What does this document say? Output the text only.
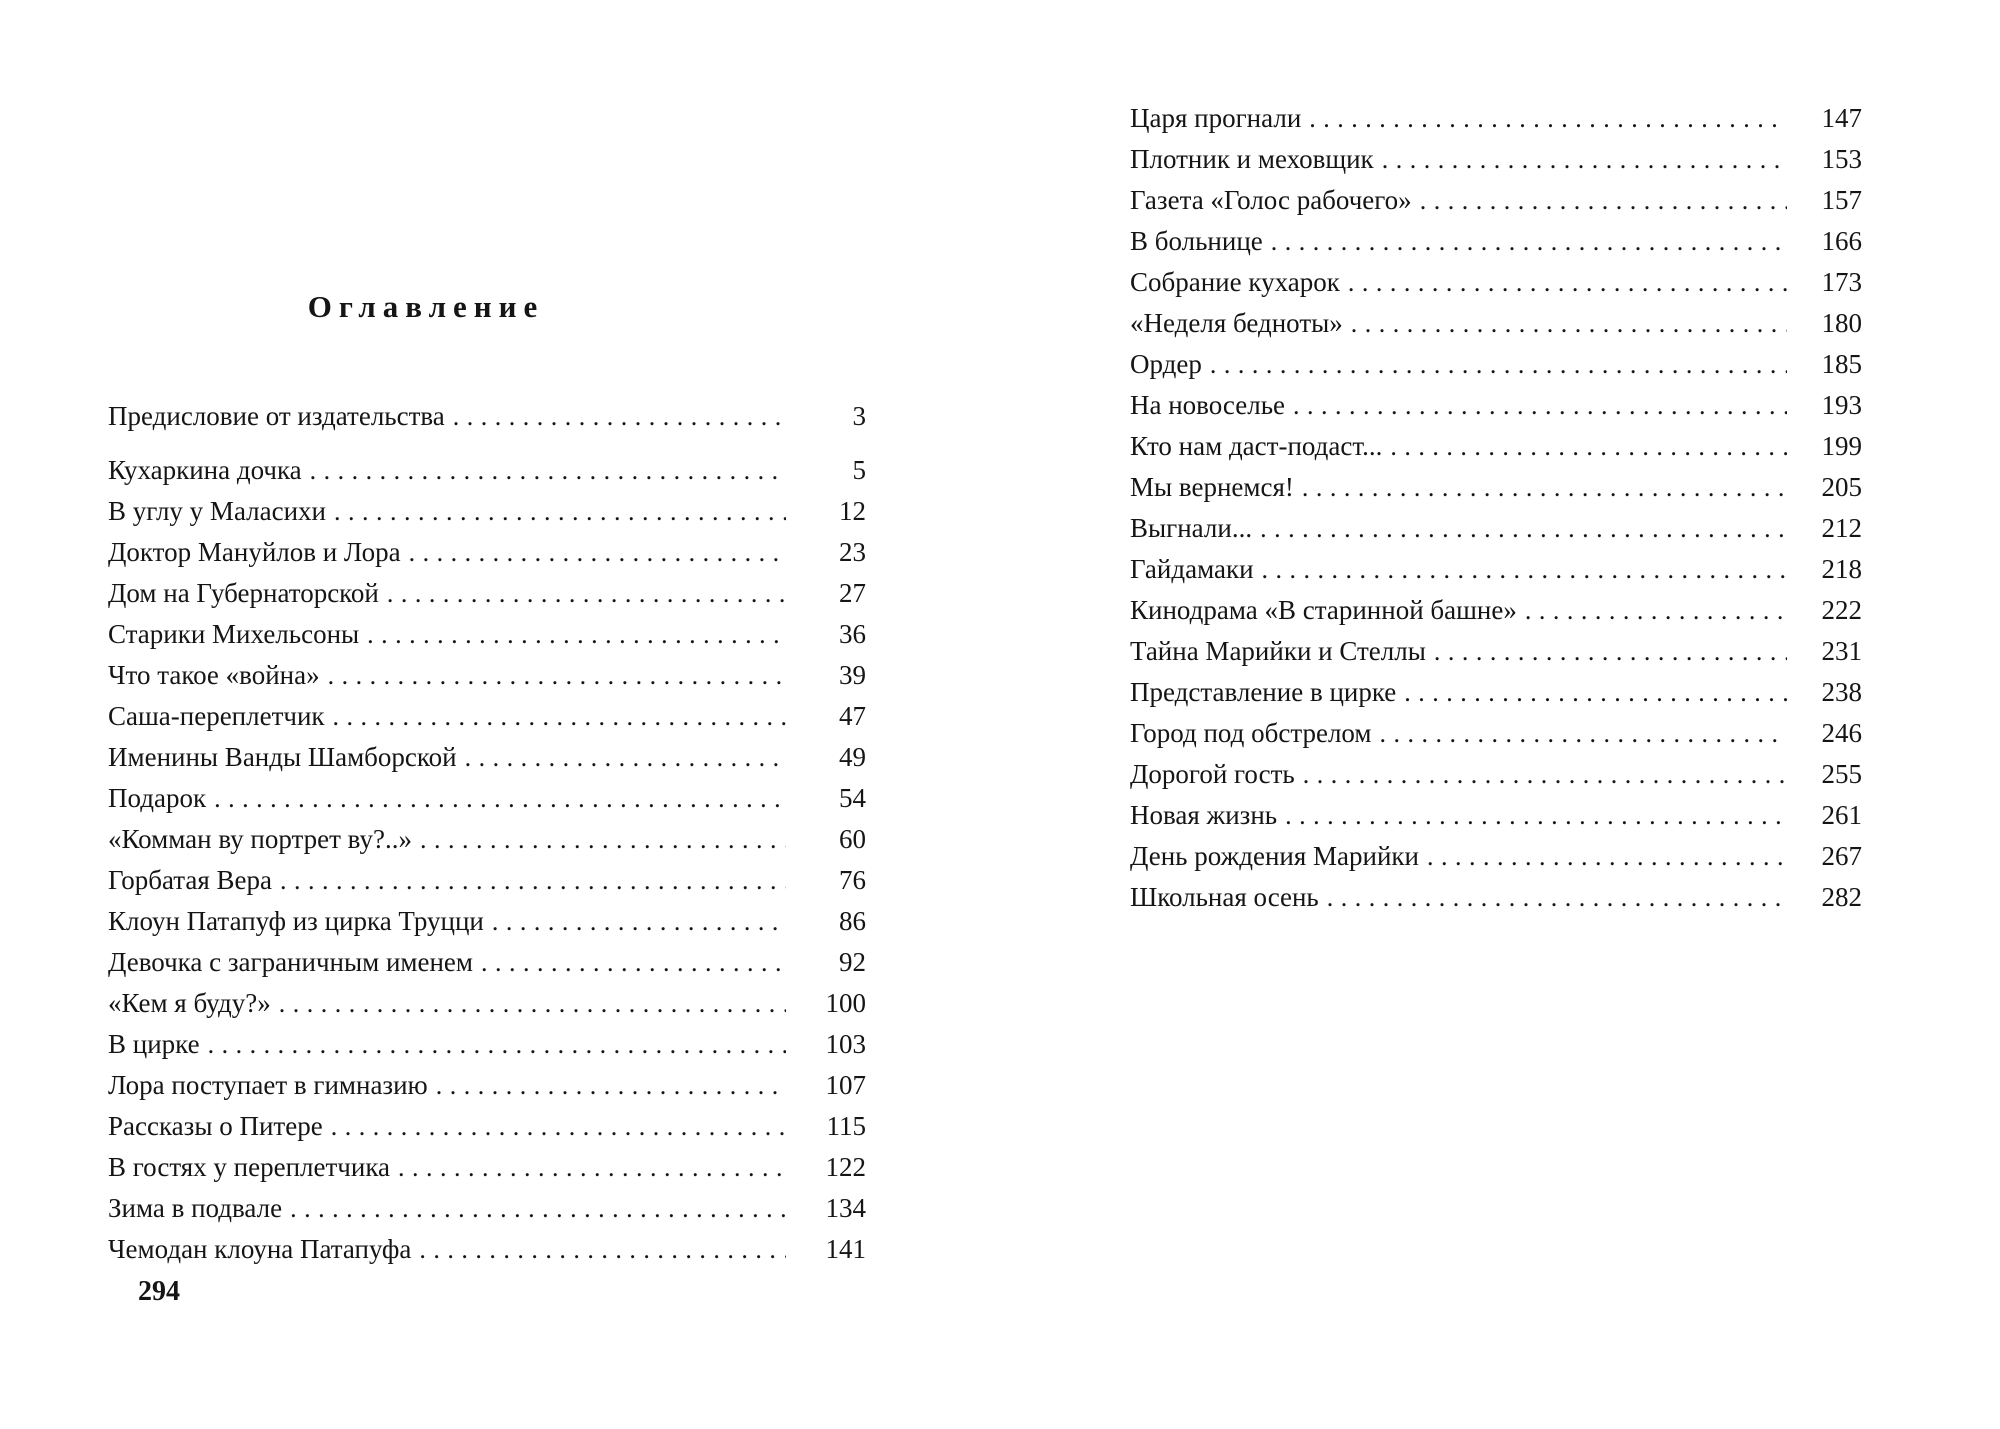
Оглавление
Предисловие от издательства .....	3
Кухаркина дочка .....	5
В углу у Маласихи .....	12
Доктор Мануйлов и Лора .....	23
Дом на Губернаторской .....	27
Старики Михельсоны .....	36
Что такое «война» .....	39
Саша-переплетчик .....	47
Именины Ванды Шамборской .....	49
Подарок .....	54
«Комман ву портрет ву?..» .....	60
Горбатая Вера .....	76
Клоун Патапуф из цирка Труцци .....	86
Девочка с заграничным именем .....	92
«Кем я буду?» .....	100
В цирке .....	103
Лора поступает в гимназию .....	107
Рассказы о Питере .....	115
В гостях у переплетчика .....	122
Зима в подвале .....	134
Чемодан клоуна Патапуфа .....	141
Царя прогнали .....	147
Плотник и меховщик .....	153
Газета «Голос рабочего» .....	157
В больнице .....	166
Собрание кухарок .....	173
«Неделя бедноты» .....	180
Ордер .....	185
На новоселье .....	193
Кто нам даст-подаст... .....	199
Мы вернемся! .....	205
Выгнали... .....	212
Гайдамаки .....	218
Кинодрама «В старинной башне» .....	222
Тайна Марийки и Стеллы .....	231
Представление в цирке .....	238
Город под обстрелом .....	246
Дорогой гость .....	255
Новая жизнь .....	261
День рождения Марийки .....	267
Школьная осень .....	282
294
